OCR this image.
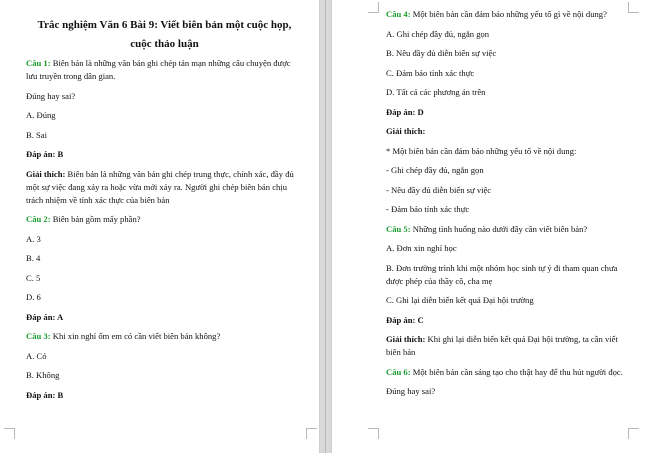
Trắc nghiệm Văn 6 Bài 9: Viết biên bản một cuộc họp,
cuộc thảo luận

Câu 1: Biên bản là những văn bản ghi chép tản mạn những câu chuyện được lưu truyền trong dân gian.

Đúng hay sai?

A. Đúng

B. Sai

Đáp án: B

Giải thích: Biên bản là những văn bản ghi chép trung thực, chính xác, đầy đủ một sự việc đang xảy ra hoặc vừa mới xảy ra. Người ghi chép biên bản chịu trách nhiệm về tính xác thực của biên bản

Câu 2: Biên bản gồm mấy phần?

A. 3

B. 4

C. 5

D. 6

Đáp án: A

Câu 3: Khi xin nghỉ ốm em có cần viết biên bản không?

A. Có

B. Không

Đáp án: B

Câu 4: Một biên bản cần đảm bảo những yếu tố gì về nội dung?

A. Ghi chép đầy đủ, ngắn gọn

B. Nêu đầy đủ diễn biến sự việc

C. Đảm bảo tính xác thực

D. Tất cả các phương án trên

Đáp án: D

Giải thích:

* Một biên bản cần đảm bảo những yếu tố về nội dung:

- Ghi chép đầy đủ, ngắn gọn

- Nêu đầy đủ diễn biến sự việc

- Đảm bảo tính xác thực

Câu 5: Những tình huống nào dưới đây cần viết biên bản?

A. Đơn xin nghỉ học

B. Đơn trường trình khi một nhóm học sinh tự ý đi tham quan chưa được phép của thầy cô, cha mẹ

C. Ghi lại diễn biến kết quả Đại hội trường

Đáp án: C

Giải thích: Khi ghi lại diễn biến kết quả Đại hội trường, ta cần viết biên bản

Câu 6: Một biên bản cần sáng tạo cho thật hay để thu hút người đọc.

Đúng hay sai?
